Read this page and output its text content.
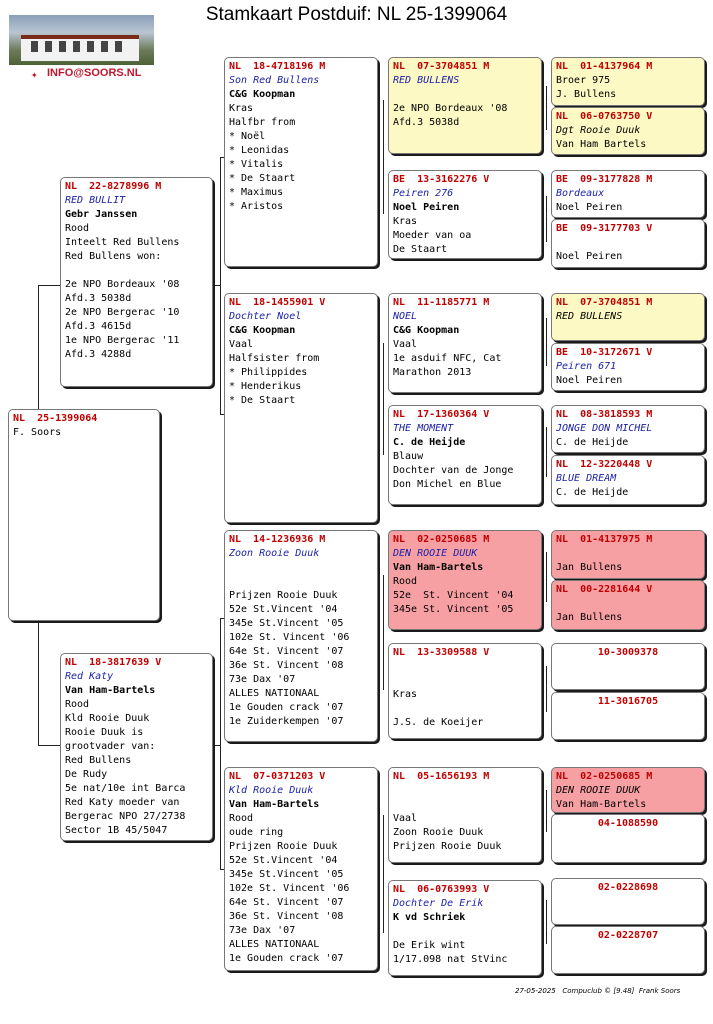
Stamkaart Postduif: NL 25-1399064
✦ INFO@SOORS.NL
NL  25-1399064
F. Soors
NL  22-8278996 M
RED BULLIT
Gebr Janssen
Rood
Inteelt Red Bullens
Red Bullens won:

2e NPO Bordeaux '08
Afd.3 5038d
2e NPO Bergerac '10
Afd.3 4615d
1e NPO Bergerac '11
Afd.3 4288d
NL  18-3817639 V
Red Katy
Van Ham-Bartels
Rood
Kld Rooie Duuk
Rooie Duuk is
grootvader van:
Red Bullens
De Rudy
5e nat/10e int Barca
Red Katy moeder van
Bergerac NPO 27/2738
Sector 1B 45/5047
NL  18-4718196 M
Son Red Bullens
C&G Koopman
Kras
Halfbr from
* Noël
* Leonidas
* Vitalis
* De Staart
* Maximus
* Aristos
NL  18-1455901 V
Dochter Noel
C&G Koopman
Vaal
Halfsister from
* Philippides
* Henderikus
* De Staart
NL  14-1236936 M
Zoon Rooie Duuk

Prijzen Rooie Duuk
52e St.Vincent '04
345e St.Vincent '05
102e St. Vincent '06
64e St. Vincent '07
36e St. Vincent '08
73e Dax '07
ALLES NATIONAAL
1e Gouden crack '07
1e Zuiderkempen '07
NL  07-0371203 V
Kld Rooie Duuk
Van Ham-Bartels
Rood
oude ring
Prijzen Rooie Duuk
52e St.Vincent '04
345e St.Vincent '05
102e St. Vincent '06
64e St. Vincent '07
36e St. Vincent '08
73e Dax '07
ALLES NATIONAAL
1e Gouden crack '07
NL  07-3704851 M
RED BULLENS

2e NPO Bordeaux '08
Afd.3 5038d
BE  13-3162276 V
Peiren 276
Noel Peiren
Kras
Moeder van oa
De Staart
NL  11-1185771 M
NOEL
C&G Koopman
Vaal
1e asduif NFC, Cat
Marathon 2013
NL  17-1360364 V
THE MOMENT
C. de Heijde
Blauw
Dochter van de Jonge
Don Michel en Blue
NL  02-0250685 M
DEN ROOIE DUUK
Van Ham-Bartels
Rood
52e  St. Vincent '04
345e St. Vincent '05
NL  13-3309588 V

Kras

J.S. de Koeijer
NL  05-1656193 M

Vaal
Zoon Rooie Duuk
Prijzen Rooie Duuk
NL  06-0763993 V
Dochter De Erik
K vd Schriek

De Erik wint
1/17.098 nat StVinc
NL  01-4137964 M
Broer 975
J. Bullens
NL  06-0763750 V
Dgt Rooie Duuk
Van Ham Bartels
BE  09-3177828 M
Bordeaux
Noel Peiren
BE  09-3177703 V

Noel Peiren
NL  07-3704851 M
RED BULLENS
BE  10-3172671 V
Peiren 671
Noel Peiren
NL  08-3818593 M
JONGE DON MICHEL
C. de Heijde
NL  12-3220448 V
BLUE DREAM
C. de Heijde
NL  01-4137975 M

Jan Bullens
NL  00-2281644 V

Jan Bullens
10-3009378
11-3016705
NL  02-0250685 M
DEN ROOIE DUUK
Van Ham-Bartels
04-1088590
02-0228698
02-0228707
27-05-2025   Compuclub © [9.48]  Frank Soors
